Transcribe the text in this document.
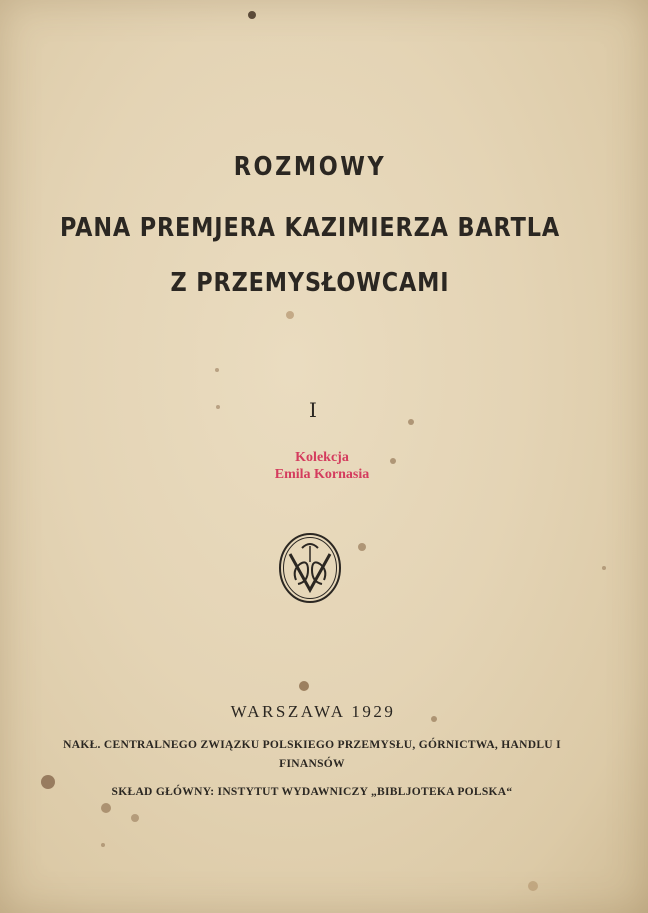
ROZMOWY
PANA PREMJERA KAZIMIERZA BARTLA
Z PRZEMYSŁOWCAMI
I
Kolekcja
Emila Kornasia
WARSZAWA 1929
NAKŁ. CENTRALNEGO ZWIĄZKU POLSKIEGO PRZEMYSŁU, GÓRNICTWA, HANDLU I FINANSÓW
SKŁAD GŁÓWNY: INSTYTUT WYDAWNICZY „BIBLJOTEKA POLSKA“
